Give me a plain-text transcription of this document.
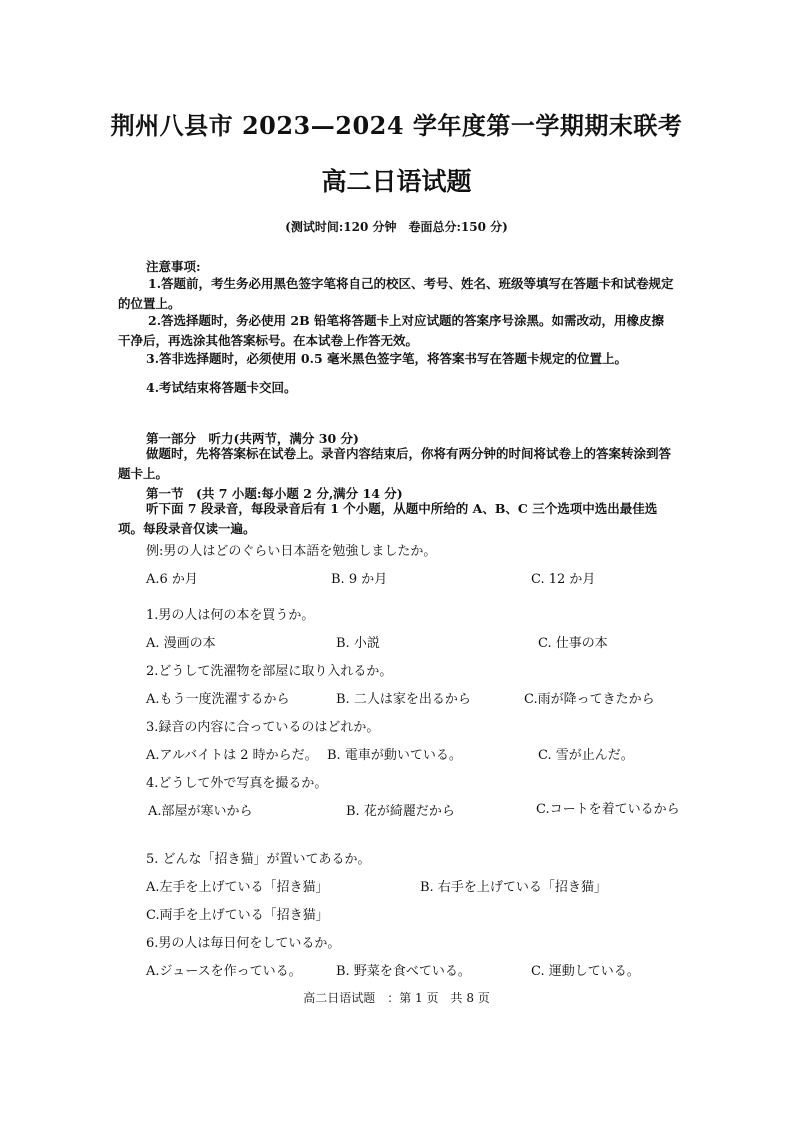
荆州八县市 2023—2024 学年度第一学期期末联考
高二日语试题
(测试时间:120 分钟　卷面总分:150 分)
注意事项:
1.答题前，考生务必用黑色签字笔将自己的校区、考号、姓名、班级等填写在答题卡和试卷规定的位置上。
2.答选择题时，务必使用 2B 铅笔将答题卡上对应试题的答案序号涂黑。如需改动，用橡皮擦干净后，再选涂其他答案标号。在本试卷上作答无效。
3.答非选择题时，必须使用 0.5 毫米黑色签字笔，将答案书写在答题卡规定的位置上。
4.考试结束将答题卡交回。
第一部分　听力(共两节，满分 30 分)
做题时，先将答案标在试卷上。录音内容结束后，你将有两分钟的时间将试卷上的答案转涂到答题卡上。
第一节　(共 7 小题:每小题 2 分,满分 14 分)
听下面 7 段录音，每段录音后有 1 个小题，从题中所给的 A、B、C 三个选项中选出最佳选项。每段录音仅读一遍。
例:男の人はどのぐらい日本語を勉強しましたか。
A.6 か月	B. 9 か月	C. 12 か月
1.男の人は何の本を買うか。
A. 漫画の本	B. 小説	C. 仕事の本
2.どうして洗濯物を部屋に取り入れるか。
A.もう一度洗濯するから	B. 二人は家を出るから	C.雨が降ってきたから
3.録音の内容に合っているのはどれか。
A.アルバイトは 2 時からだ。 B. 電車が動いている。	C. 雪が止んだ。
4.どうして外で写真を撮るか。
A.部屋が寒いから	B. 花が綺麗だから	C.コートを着ているから
5. どんな「招き猫」が置いてあるか。
A.左手を上げている「招き猫」	B. 右手を上げている「招き猫」
C.両手を上げている「招き猫」
6.男の人は毎日何をしているか。
A.ジュースを作っている。	B. 野菜を食べている。	C. 運動している。
高二日语试题　：第 1 页　共 8 页
